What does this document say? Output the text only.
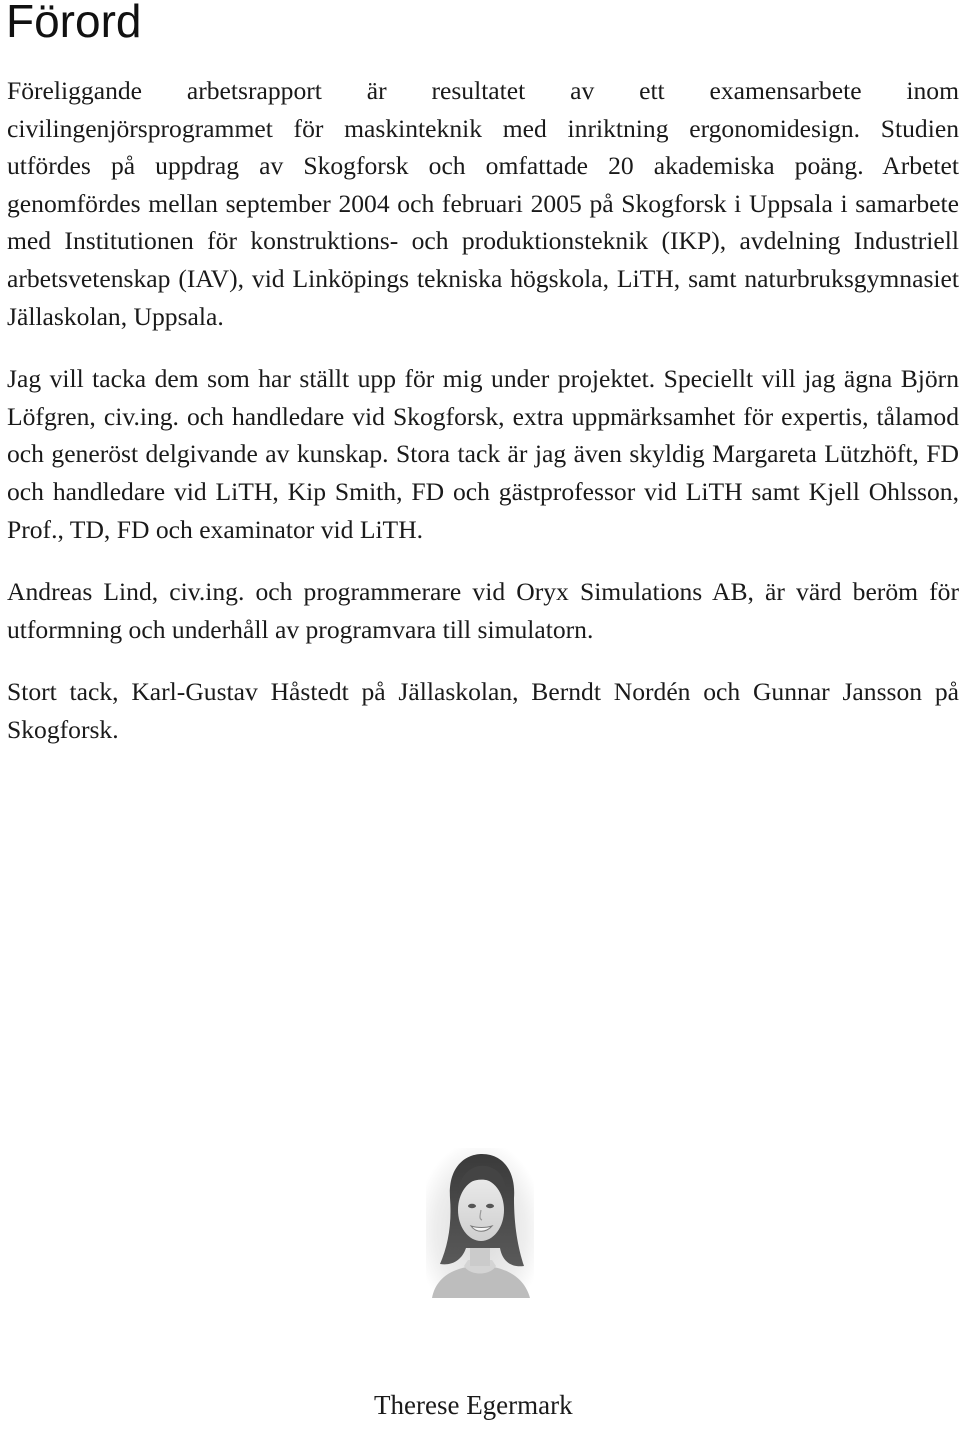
Förord

Föreliggande arbetsrapport är resultatet av ett examensarbete inom civilingenjörsprogrammet för maskinteknik med inriktning ergonomidesign. Studien utfördes på uppdrag av Skogforsk och omfattade 20 akademiska poäng. Arbetet genomfördes mellan september 2004 och februari 2005 på Skogforsk i Uppsala i samarbete med Institutionen för konstruktions- och produktionsteknik (IKP), avdelning Industriell arbetsvetenskap (IAV), vid Linköpings tekniska högskola, LiTH, samt naturbruksgymnasiet Jällaskolan, Uppsala.

Jag vill tacka dem som har ställt upp för mig under projektet. Speciellt vill jag ägna Björn Löfgren, civ.ing. och handledare vid Skogforsk, extra uppmärksamhet för expertis, tålamod och generöst delgivande av kunskap. Stora tack är jag även skyldig Margareta Lützhöft, FD och handledare vid LiTH, Kip Smith, FD och gästprofessor vid LiTH samt Kjell Ohlsson, Prof., TD, FD och examinator vid LiTH.

Andreas Lind, civ.ing. och programmerare vid Oryx Simulations AB, är värd beröm för utformning och underhåll av programvara till simulatorn.

Stort tack, Karl-Gustav Håstedt på Jällaskolan, Berndt Nordén och Gunnar Jansson på Skogforsk.

Therese Egermark
